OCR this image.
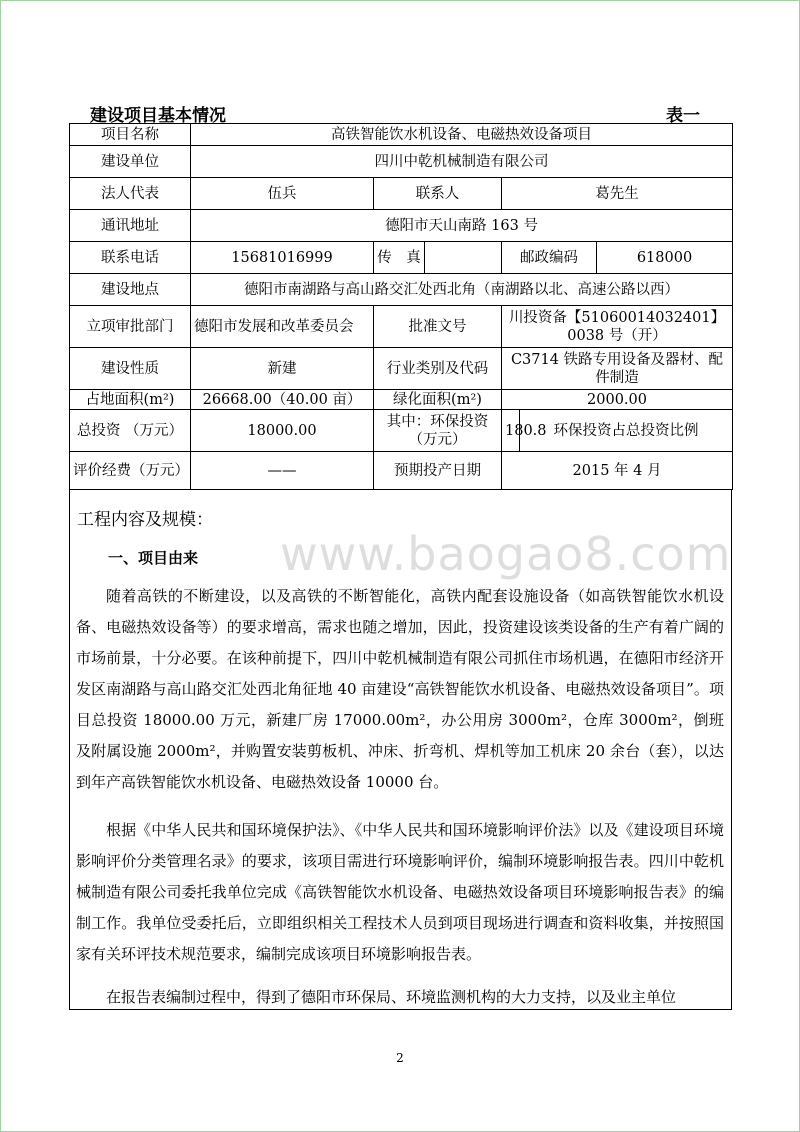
建设项目基本情况	表一
项目名称	高铁智能饮水机设备、电磁热效设备项目						
建设单位	四川中乾机械制造有限公司						
法人代表	伍兵	联系人		葛先生			
通讯地址	德阳市天山南路 163 号						
联系电话	15681016999	传　真		邮政编码		618000	
建设地点	德阳市南湖路与高山路交汇处西北角（南湖路以北、高速公路以西）						
立项审批部门	德阳市发展和改革委员会	批准文号		川投资备【51060014032401】0038 号（开）			
建设性质	新建	行业类别及代码		C3714 铁路专用设备及器材、配件制造			
占地面积(m²)	26668.00（40.00 亩）	绿化面积(m²)		2000.00			
总投资 （万元）	18000.00	其中：环保投资 （万元）		180.8	环保投资占总投资比例	
评价经费（万元）	——	预期投产日期		2015 年 4 月			
工程内容及规模：
www.baogao8.com
一、项目由来

随着高铁的不断建设，以及高铁的不断智能化，高铁内配套设施设备（如高铁智能饮水机设备、电磁热效设备等）的要求增高，需求也随之增加，因此，投资建设该类设备的生产有着广阔的市场前景，十分必要。在该种前提下，四川中乾机械制造有限公司抓住市场机遇，在德阳市经济开发区南湖路与高山路交汇处西北角征地 40 亩建设“高铁智能饮水机设备、电磁热效设备项目”。项目总投资 18000.00 万元，新建厂房 17000.00m²，办公用房 3000m²，仓库 3000m²，倒班及附属设施 2000m²，并购置安装剪板机、冲床、折弯机、焊机等加工机床 20 余台（套），以达到年产高铁智能饮水机设备、电磁热效设备 10000 台。

根据《中华人民共和国环境保护法》、《中华人民共和国环境影响评价法》以及《建设项目环境影响评价分类管理名录》的要求，该项目需进行环境影响评价，编制环境影响报告表。四川中乾机械制造有限公司委托我单位完成《高铁智能饮水机设备、电磁热效设备项目环境影响报告表》的编制工作。我单位受委托后，立即组织相关工程技术人员到项目现场进行调查和资料收集，并按照国家有关环评技术规范要求，编制完成该项目环境影响报告表。

在报告表编制过程中，得到了德阳市环保局、环境监测机构的大力支持，以及业主单位

2
